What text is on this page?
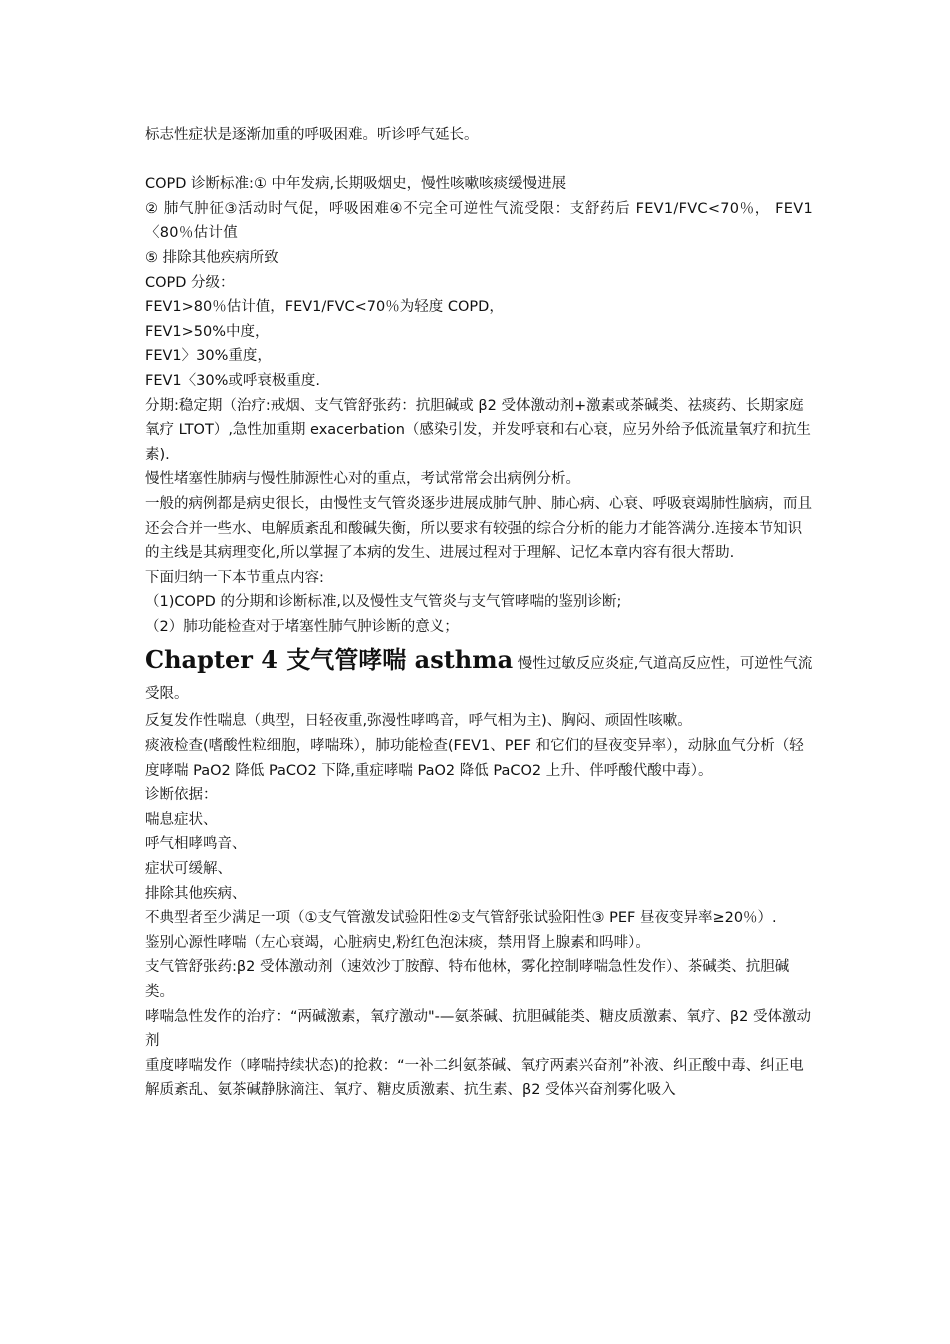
标志性症状是逐渐加重的呼吸困难。听诊呼气延长。

COPD 诊断标准:① 中年发病,长期吸烟史，慢性咳嗽咳痰缓慢进展

② 肺气肿征③活动时气促，呼吸困难④不完全可逆性气流受限：支舒药后 FEV1/FVC<70％， FEV1〈80％估计值

⑤ 排除其他疾病所致

COPD 分级：

FEV1>80％估计值，FEV1/FVC<70％为轻度 COPD，

FEV1>50%中度，

FEV1〉30%重度，

FEV1〈30%或呼衰极重度.

分期:稳定期（治疗:戒烟、支气管舒张药：抗胆碱或 β2 受体激动剂+激素或茶碱类、祛痰药、长期家庭氧疗 LTOT）,急性加重期 exacerbation（感染引发，并发呼衰和右心衰，应另外给予低流量氧疗和抗生素).

慢性堵塞性肺病与慢性肺源性心对的重点，考试常常会出病例分析。

一般的病例都是病史很长，由慢性支气管炎逐步进展成肺气肿、肺心病、心衰、呼吸衰竭肺性脑病，而且还会合并一些水、电解质紊乱和酸碱失衡，所以要求有较强的综合分析的能力才能答满分.连接本节知识的主线是其病理变化,所以掌握了本病的发生、进展过程对于理解、记忆本章内容有很大帮助.

下面归纳一下本节重点内容:

（1)COPD 的分期和诊断标准,以及慢性支气管炎与支气管哮喘的鉴别诊断;

（2）肺功能检查对于堵塞性肺气肿诊断的意义；

Chapter 4 支气管哮喘 asthma 慢性过敏反应炎症,气道高反应性，可逆性气流受限。

反复发作性喘息（典型，日轻夜重,弥漫性哮鸣音，呼气相为主)、胸闷、顽固性咳嗽。

痰液检查(嗜酸性粒细胞，哮喘珠），肺功能检查(FEV1、PEF 和它们的昼夜变异率），动脉血气分析（轻度哮喘 PaO2 降低 PaCO2 下降,重症哮喘 PaO2 降低 PaCO2 上升、伴呼酸代酸中毒）。

诊断依据：

喘息症状、

呼气相哮鸣音、

症状可缓解、

排除其他疾病、

不典型者至少满足一项（①支气管激发试验阳性②支气管舒张试验阳性③ PEF 昼夜变异率≥20％）.

鉴别心源性哮喘（左心衰竭，心脏病史,粉红色泡沫痰，禁用肾上腺素和吗啡）。

支气管舒张药:β2 受体激动剂（速效沙丁胺醇、特布他林，雾化控制哮喘急性发作）、茶碱类、抗胆碱类。

哮喘急性发作的治疗：“两碱激素，氧疗激动"-—氨茶碱、抗胆碱能类、糖皮质激素、氧疗、β2 受体激动剂

重度哮喘发作（哮喘持续状态)的抢救：“一补二纠氨茶碱、氧疗两素兴奋剂”补液、纠正酸中毒、纠正电解质紊乱、氨茶碱静脉滴注、氧疗、糖皮质激素、抗生素、β2 受体兴奋剂雾化吸入
